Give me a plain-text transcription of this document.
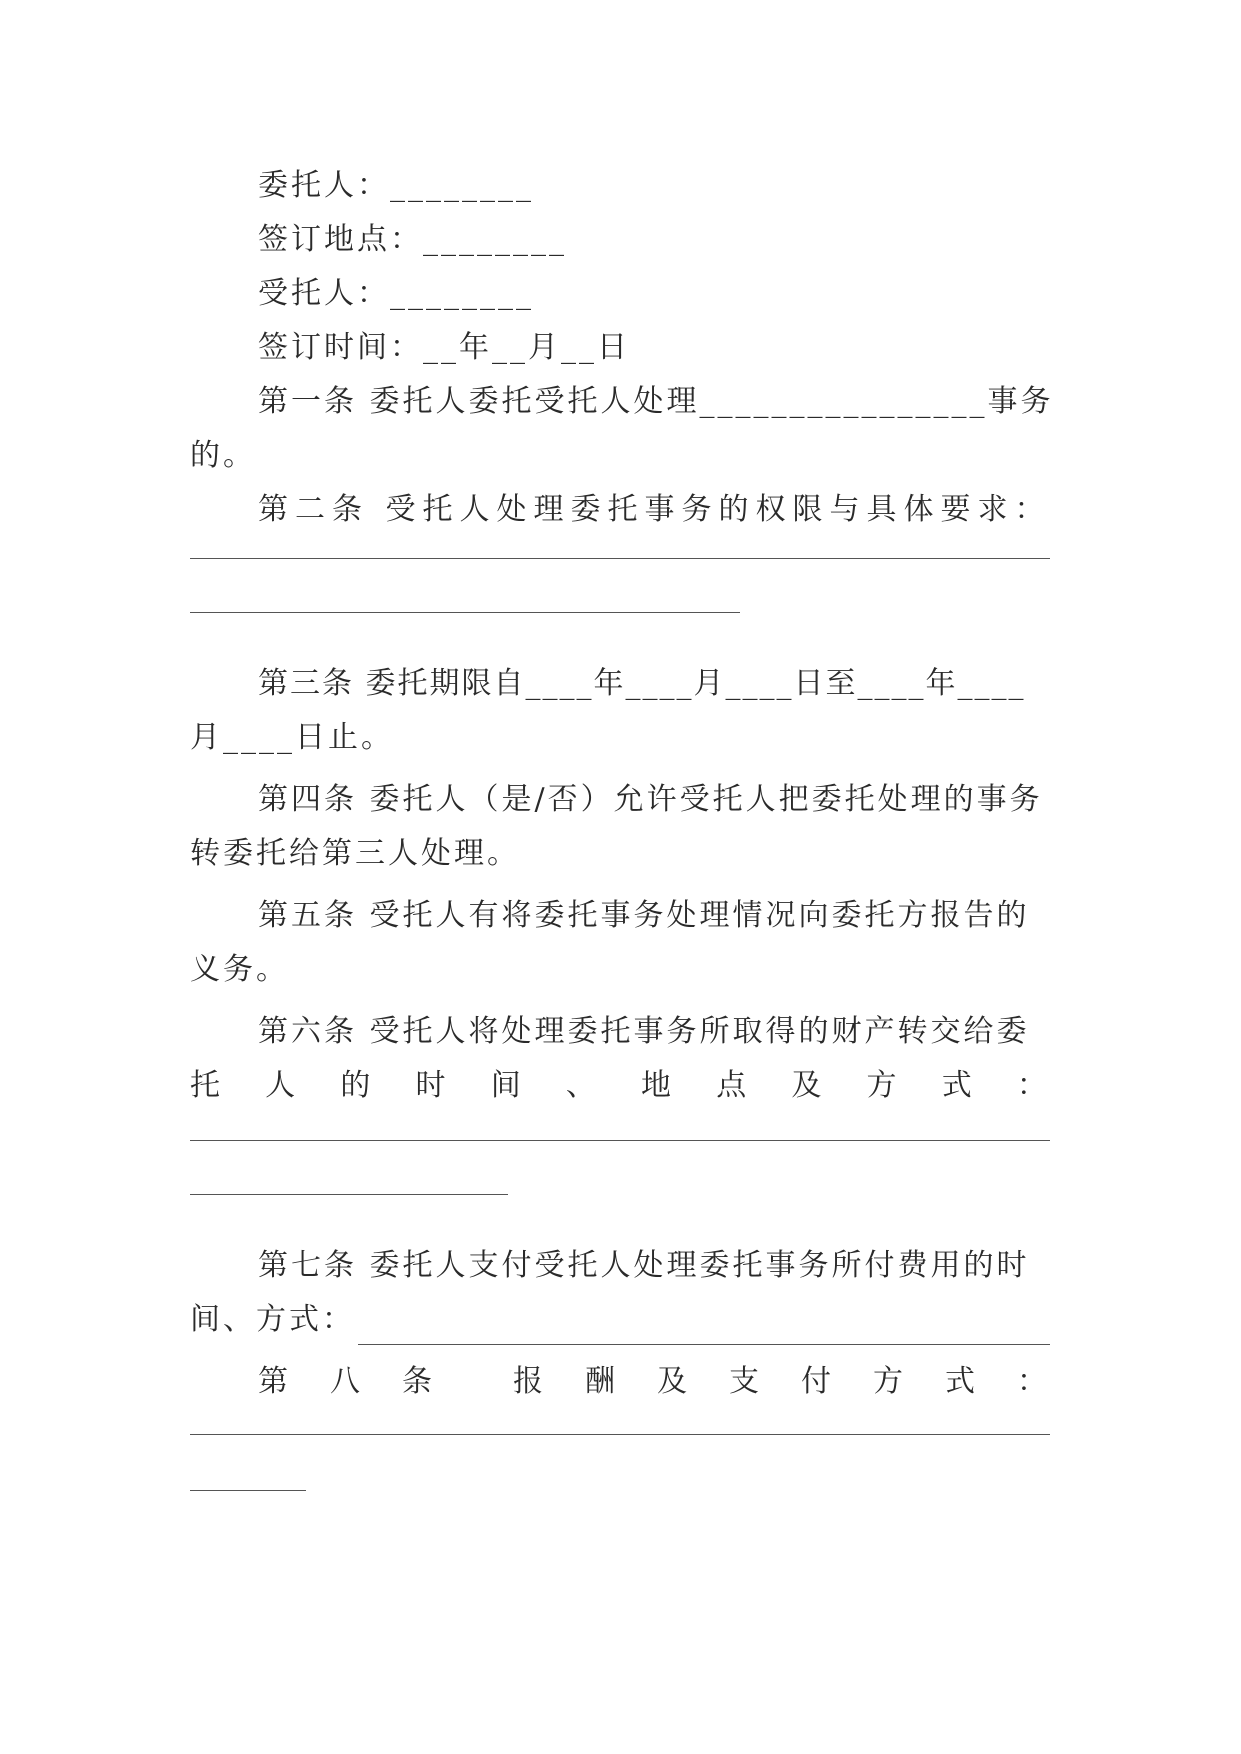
委托人：________
签订地点：________
受托人：________
签订时间：__年__月__日
第一条 委托人委托受托人处理________________事务
的。
第二条 受托人处理委托事务的权限与具体要求：
第三条 委托期限自____年____月____日至____年____
月____日止。
第四条 委托人（是/否）允许受托人把委托处理的事务
转委托给第三人处理。
第五条 受托人有将委托事务处理情况向委托方报告的
义务。
第六条 受托人将处理委托事务所取得的财产转交给委
托 人 的 时 间 、 地 点 及 方 式 ：
第七条 委托人支付受托人处理委托事务所付费用的时
间、方式：
第 八 条	报 酬 及 支 付 方 式 ：
